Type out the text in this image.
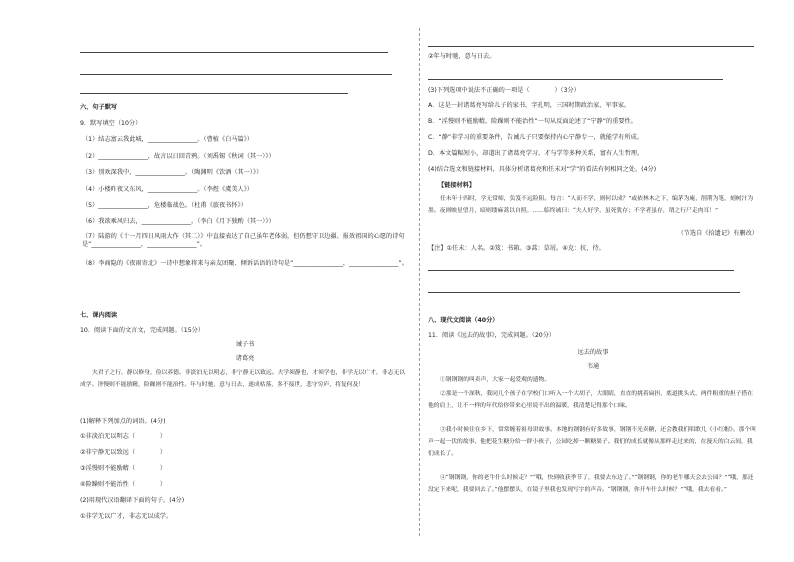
六、句子默写
9．默写填空（10分）
（1）结志富云我此城，________________。（曹植《白马篇》）
（2）________________，故言以日回青鸦。（刘禹锡《秋词（其一）》）
（3）别欢深我中，________________。（陶渊明《饮酒（其一）》）
（4）小楼昨夜又东风，________________。（李煜《虞美人》）
（5）________________，危楼临战色。（杜甫《旅夜书怀》）
（6）我欲乘风归去，________________。（李白《月下独酌（其一）》）
（7）陆游的《十一月四日风雨大作（其二）》中直接表达了自己虽年老体弱，但仍想守卫边疆、报效祖国的心愿的诗句是“________________，________________”。
（8）李商隐的《夜雨寄北》一诗中想象将来与亲友团聚、倾诉话语的诗句是“________________，________________”。
七、课内阅读
10．阅读下面的文言文，完成问题。（15分）
诫子书
诸葛亮
夫君子之行，静以修身，俭以养德。非淡泊无以明志，非宁静无以致远。夫学须静也，才须学也，非学无以广才，非志无以成学。淫慢则不能励精，险躁则不能治性。年与时驰，意与日去，遂成枯落，多不接世，悲守穷庐，将复何及！
(1)解释下列加点的词语。(4分)
①非淡泊无以明志（　　　　）
②非宁静无以致远（　　　　）
③淫慢则不能励精（　　　　）
④险躁则不能治性（　　　　）
(2)用现代汉语翻译下面的句子。(4分)
①非学无以广才，非志无以成学。
②年与时驰，意与日去。
(3)下列选项中说法不正确的一项是（　　　　）（3分）
A．这是一封诸葛亮写给儿子的家书，字孔明，三国时期政治家、军事家。
B．“淫慢则不能励精，险躁则不能治性”一句从反面论述了“宁静”的重要性。
C．“静”非学习的重要条件，告诫儿子只要保持内心宁静专一，就能学有所成。
D．本文篇幅短小，却道出了诸葛亮学习、才与学等多种关系，富有人生哲理。
(4)结合选文和链接材料，具体分析诸葛亮和任末对“学”的看法有何相同之处。(4分)
【链接材料】
任末年十四时，学无常师，负笈不远险阻。每言：“人而不学，则何以成？”或依林木之下，编茅为庵，削荆为笔，刻树汁为墨。夜则映星望月，暗则缕麻蒿以自照。……临终诫曰：“夫人好学，虽死犹存；不学者虽存，谓之行尸走肉耳！”
（节选自《拾遗记》有删改）
【注】①任末：人名。②笈：书箱。③蒿：草屑。④克：抗、待。
八、现代文阅读（40分）
11．阅读《远去的故事》，完成问题。（20分）
远去的故事
韦通
①钢钢钢的叫卖声，大家一起爱观的遗物。
②那是一个深秋，我同几个孩子在学校门口听入一个大胡子，大眼睛，直直的挑着扁担，底道挑头式，两件粗重的担子搭在他的肩上，让不一样的年代给你带来心里说不出的温暖，我清楚记得那个口味。
③我小时候住在乡下，常常缠着祖母讲故事。本地的钢钢有好多故事，钢钢不光卖糖，还会教我们唱歌儿《小红帽》。那个叫声一起一伏的故事，他把花生糖分给一群小孩子，公园吃掉一颗糖果子。我们的成长就像从那样走过来的，在漫天的白云间，我们成长了。
④“钢钢钢，你的老牛什么时候走？”“哦，快到收获季节了，我要去东边了。”“钢钢钢，你的老牛哪天会去公园？”“哦，那还没定下来呢，我要回去了。”他摆摆头，在镜子里我也发现写字的声音。“钢钢钢，你开车什么时候？”“哦，我去看看。”
